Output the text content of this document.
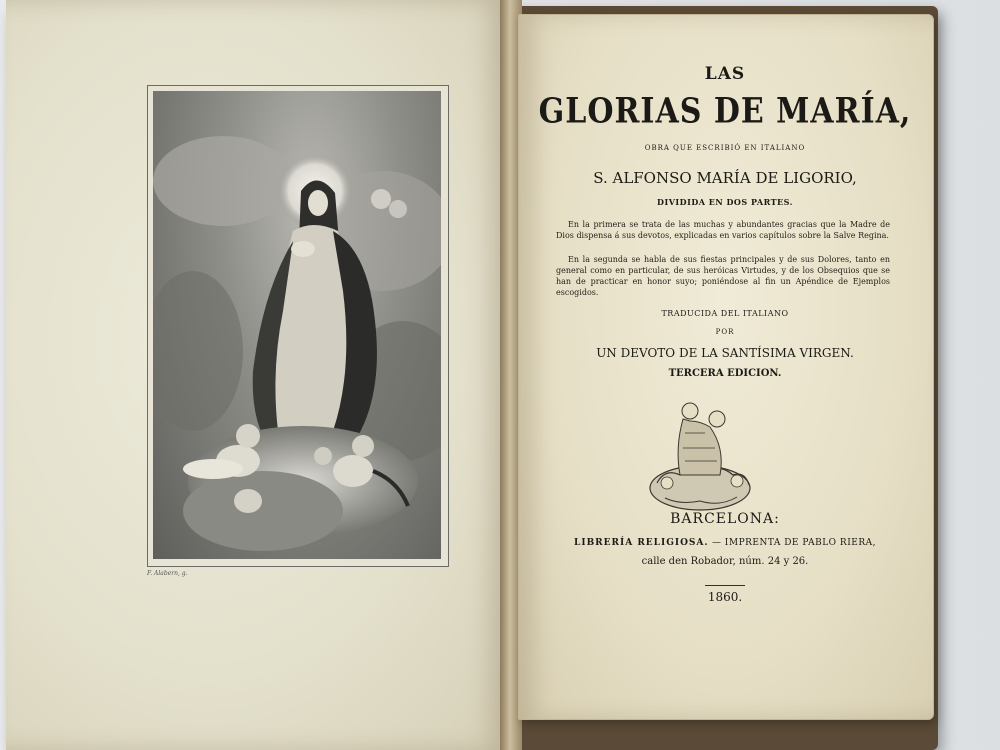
F. Alabern, g.
LAS
GLORIAS DE MARÍA,
OBRA QUE ESCRIBIÓ EN ITALIANO
S. ALFONSO MARÍA DE LIGORIO,
DIVIDIDA EN DOS PARTES.
En la primera se trata de las muchas y abundantes gracias que la Madre de Dios dispensa á sus devotos, explicadas en varios capítulos sobre la Salve Regina.
En la segunda se habla de sus fiestas principales y de sus Dolores, tanto en general como en particular, de sus heróicas Virtudes, y de los Obsequios que se han de practicar en honor suyo; poniéndose al fin un Apéndice de Ejemplos escogidos.
TRADUCIDA DEL ITALIANO
POR
UN DEVOTO DE LA SANTÍSIMA VIRGEN.
TERCERA EDICION.
BARCELONA:
LIBRERÍA RELIGIOSA. — IMPRENTA DE PABLO RIERA,
calle den Robador, núm. 24 y 26.
1860.
